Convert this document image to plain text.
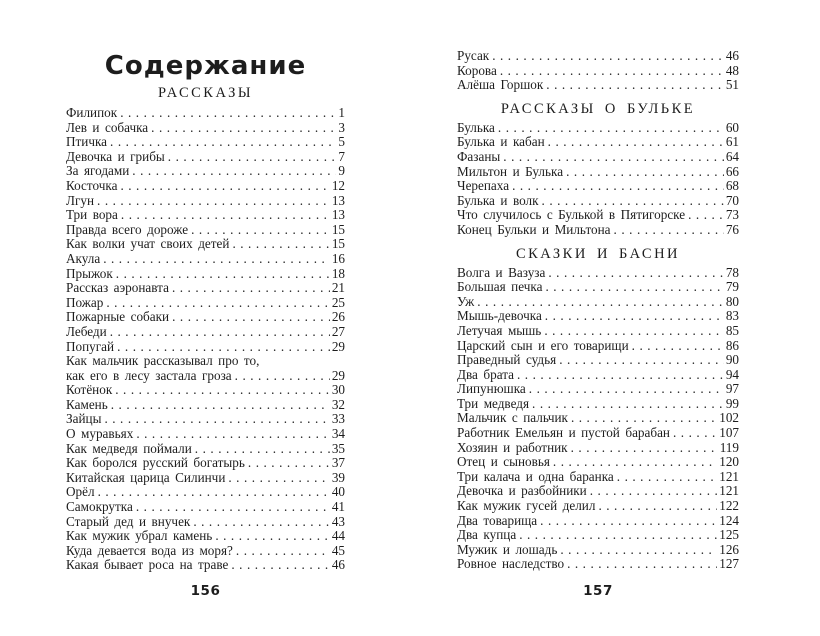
Содержание
РАССКАЗЫ
Филипок .....	1
Лев и собачка .....	3
Птичка .....	5
Девочка и грибы .....	7
За ягодами .....	9
Косточка .....	12
Лгун .....	13
Три вора .....	13
Правда всего дороже .....	15
Как волки учат своих детей .....	15
Акула .....	16
Прыжок .....	18
Рассказ аэронавта .....	21
Пожар .....	25
Пожарные собаки .....	26
Лебеди .....	27
Попугай .....	29
Как мальчик рассказывал про то,
как его в лесу застала гроза .....	29
Котёнок .....	30
Камень .....	32
Зайцы .....	33
О муравьях .....	34
Как медведя поймали .....	35
Как боролся русский богатырь .....	37
Китайская царица Силинчи .....	39
Орёл .....	40
Самокрутка .....	41
Старый дед и внучек .....	43
Как мужик убрал камень .....	44
Куда девается вода из моря? .....	45
Какая бывает роса на траве .....	46
156
Русак .....	46
Корова .....	48
Алёша Горшок .....	51
РАССКАЗЫ О БУЛЬКЕ
Булька .....	60
Булька и кабан .....	61
Фазаны .....	64
Мильтон и Булька .....	66
Черепаха .....	68
Булька и волк .....	70
Что случилось с Булькой в Пятигорске .....	73
Конец Бульки и Мильтона .....	76
СКАЗКИ И БАСНИ
Волга и Вазуза .....	78
Большая печка .....	79
Уж .....	80
Мышь-девочка .....	83
Летучая мышь .....	85
Царский сын и его товарищи .....	86
Праведный судья .....	90
Два брата .....	94
Липунюшка .....	97
Три медведя .....	99
Мальчик с пальчик .....	102
Работник Емельян и пустой барабан .....	107
Хозяин и работник .....	119
Отец и сыновья .....	120
Три калача и одна баранка .....	121
Девочка и разбойники .....	121
Как мужик гусей делил .....	122
Два товарища .....	124
Два купца .....	125
Мужик и лошадь .....	126
Ровное наследство .....	127
157
